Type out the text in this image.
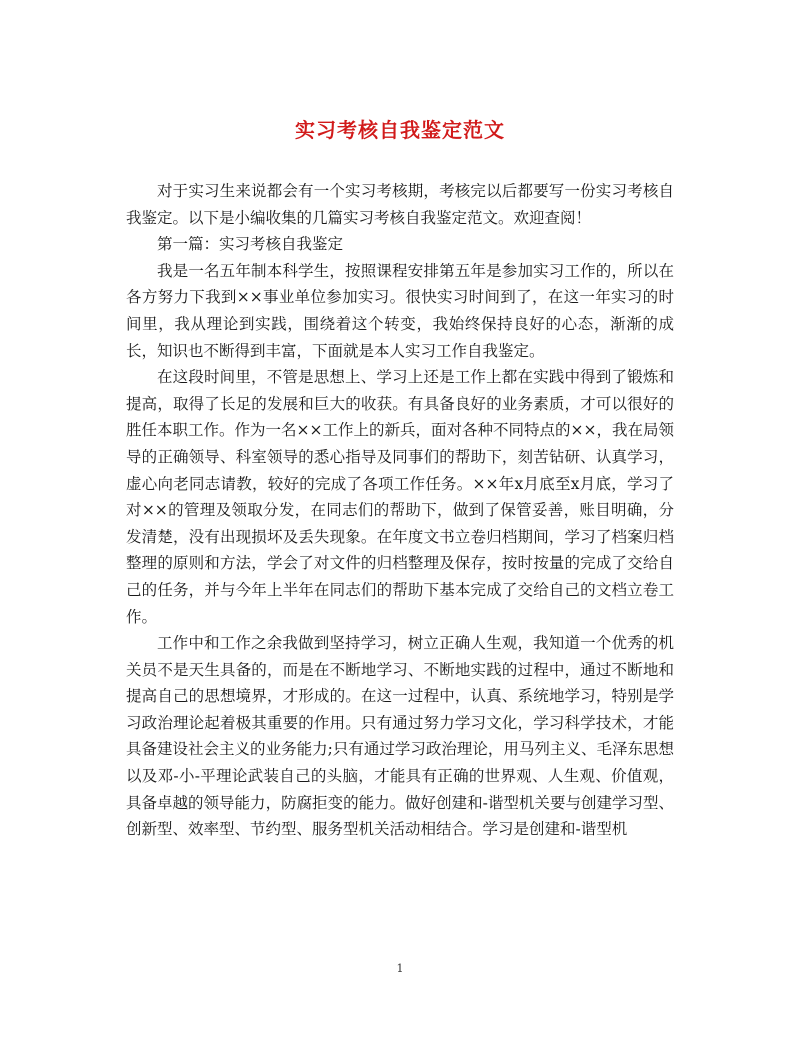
实习考核自我鉴定范文

对于实习生来说都会有一个实习考核期，考核完以后都要写一份实习考核自我鉴定。以下是小编收集的几篇实习考核自我鉴定范文。欢迎查阅！

第一篇：实习考核自我鉴定

我是一名五年制本科学生，按照课程安排第五年是参加实习工作的，所以在各方努力下我到××事业单位参加实习。很快实习时间到了，在这一年实习的时间里，我从理论到实践，围绕着这个转变，我始终保持良好的心态，渐渐的成长，知识也不断得到丰富，下面就是本人实习工作自我鉴定。

在这段时间里，不管是思想上、学习上还是工作上都在实践中得到了锻炼和提高，取得了长足的发展和巨大的收获。有具备良好的业务素质，才可以很好的胜任本职工作。作为一名××工作上的新兵，面对各种不同特点的××，我在局领导的正确领导、科室领导的悉心指导及同事们的帮助下，刻苦钻研、认真学习，虚心向老同志请教，较好的完成了各项工作任务。××年x月底至x月底，学习了对××的管理及领取分发，在同志们的帮助下，做到了保管妥善，账目明确，分发清楚，没有出现损坏及丢失现象。在年度文书立卷归档期间，学习了档案归档整理的原则和方法，学会了对文件的归档整理及保存，按时按量的完成了交给自己的任务，并与今年上半年在同志们的帮助下基本完成了交给自己的文档立卷工作。

工作中和工作之余我做到坚持学习，树立正确人生观，我知道一个优秀的机关员不是天生具备的，而是在不断地学习、不断地实践的过程中，通过不断地和提高自己的思想境界，才形成的。在这一过程中，认真、系统地学习，特别是学习政治理论起着极其重要的作用。只有通过努力学习文化，学习科学技术，才能具备建设社会主义的业务能力;只有通过学习政治理论，用马列主义、毛泽东思想以及邓-小-平理论武装自己的头脑，才能具有正确的世界观、人生观、价值观，具备卓越的领导能力，防腐拒变的能力。做好创建和-谐型机关要与创建学习型、创新型、效率型、节约型、服务型机关活动相结合。学习是创建和-谐型机

1
